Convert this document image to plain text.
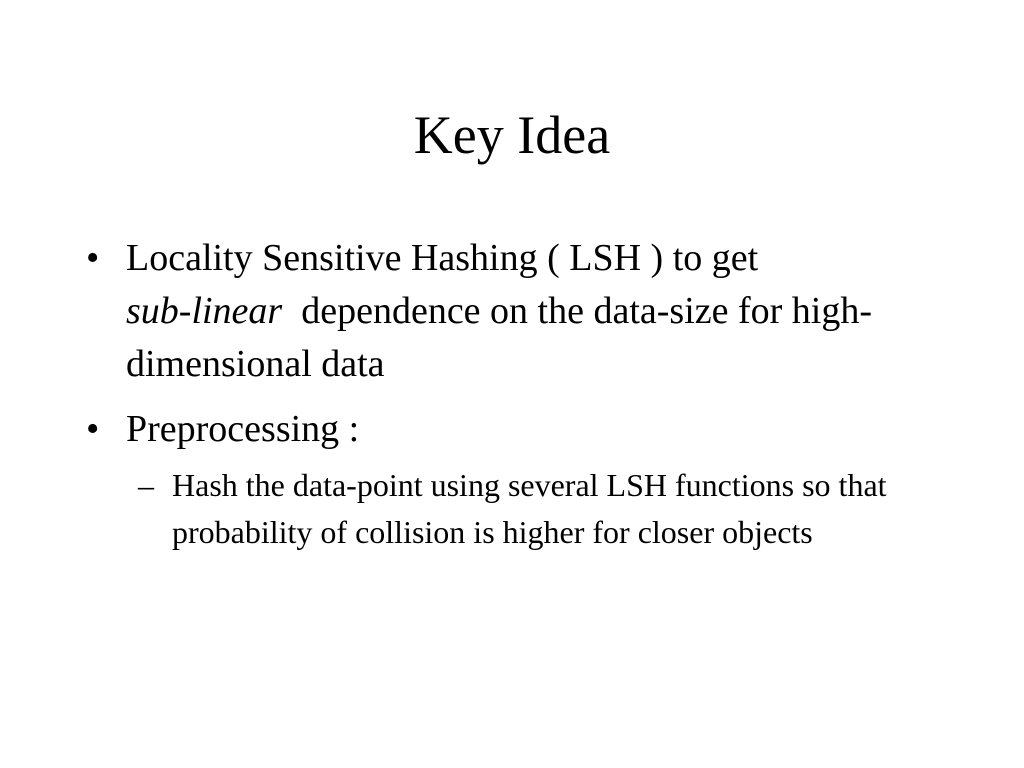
Key Idea
• Locality Sensitive Hashing ( LSH ) to get
sub-linear  dependence on the data-size for high-dimensional data
• Preprocessing :
– Hash the data-point using several LSH functions so that probability of collision is higher for closer objects
